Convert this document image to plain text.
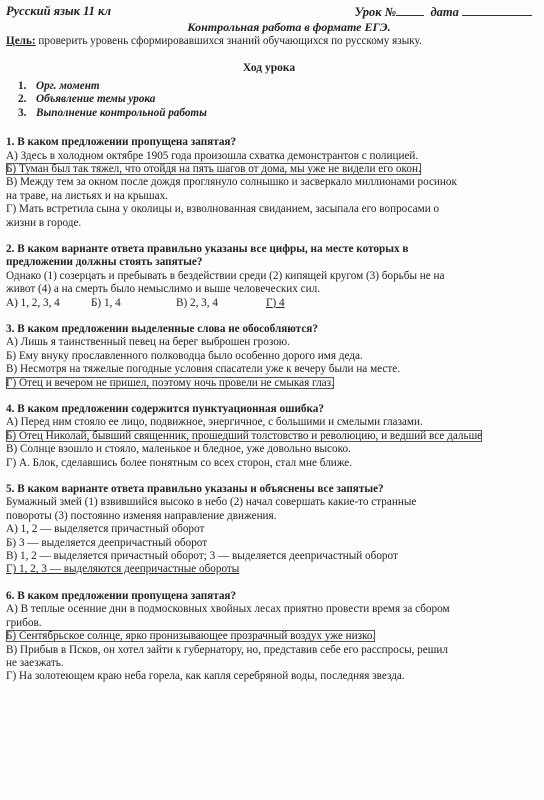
Русский язык 11 кл	Урок №	дата
Контрольная работа в формате ЕГЭ.
Цель: проверить уровень сформировавшихся знаний обучающихся по русскому языку.
Ход урока
1. Орг. момент
2. Объявление темы урока
3. Выполнение контрольной работы
1. В каком предложении пропущена запятая?
А) Здесь в холодном октябре 1905 года произошла схватка демонстрантов с полицией.
Б) Туман был так тяжел, что отойдя на пять шагов от дома, мы уже не видели его окон.
В) Между тем за окном после дождя проглянуло солнышко и засверкало миллионами росинок
на траве, на листьях и на крышах.
Г) Мать встретила сына у околицы и, взволнованная свиданием, засыпала его вопросами о
жизни в городе.
2. В каком варианте ответа правильно указаны все цифры, на месте которых в
предложении должны стоять запятые?
Однако (1) созерцать и пребывать в бездействии среди (2) кипящей кругом (3) борьбы не на
живот (4) а на смерть было немыслимо и выше человеческих сил.
А) 1, 2, 3, 4	Б) 1, 4	В) 2, 3, 4	Г) 4
3. В каком предложении выделенные слова не обособляются?
А) Лишь я таинственный певец на берег выброшен грозою.
Б) Ему внуку прославленного полководца было особенно дорого имя деда.
В) Несмотря на тяжелые погодные условия спасатели уже к вечеру были на месте.
Г) Отец и вечером не пришел, поэтому ночь провели не смыкая глаз.
4. В каком предложении содержится пунктуационная ошибка?
А) Перед ним стояло ее лицо, подвижное, энергичное, с большими и смелыми глазами.
Б) Отец Николай, бывший священник, прошедший толстовство и революцию, и ведший все дальше
В) Солнце взошло и стояло, маленькое и бледное, уже довольно высоко.
Г) А. Блок, сделавшись более понятным со всех сторон, стал мне ближе.
5. В каком варианте ответа правильно указаны и объяснены все запятые?
Бумажный змей (1) взвившийся высоко в небо (2) начал совершать какие-то странные
повороты (3) постоянно изменяя направление движения.
А) 1, 2 — выделяется причастный оборот
Б) 3 — выделяется деепричастный оборот
В) 1, 2 — выделяется причастный оборот; 3 — выделяется деепричастный оборот
Г) 1, 2, 3 — выделяются деепричастные обороты
6. В каком предложении пропущена запятая?
А) В теплые осенние дни в подмосковных хвойных лесах приятно провести время за сбором
грибов.
Б) Сентябрьское солнце, ярко пронизывающее прозрачный воздух уже низко.
В) Прибыв в Псков, он хотел зайти к губернатору, но, представив себе его расспросы, решил
не заезжать.
Г) На золотеющем краю неба горела, как капля серебряной воды, последняя звезда.
